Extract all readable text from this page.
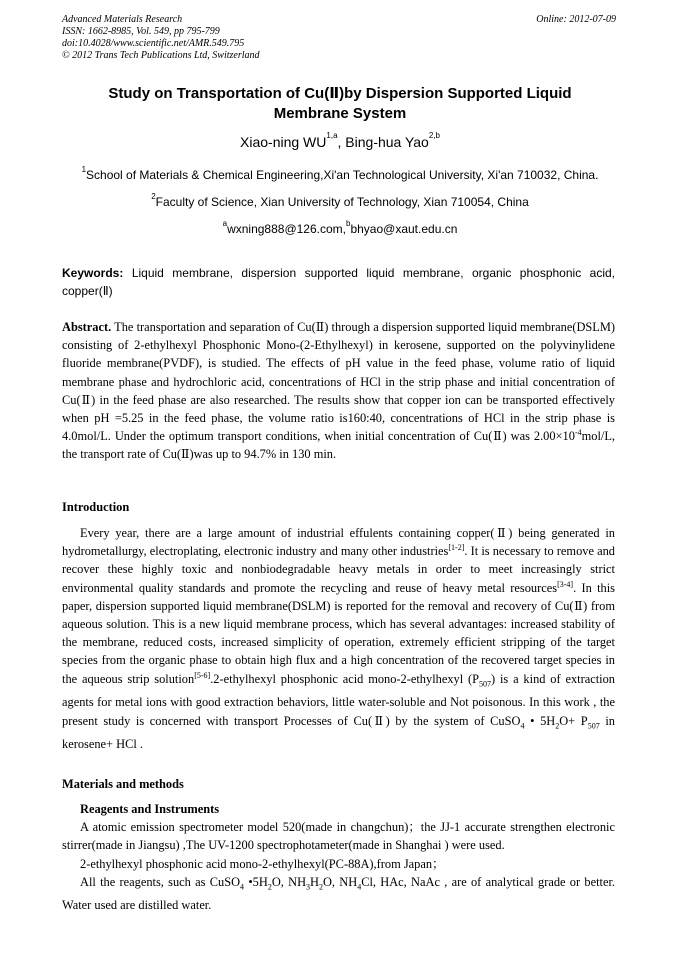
Advanced Materials Research
ISSN: 1662-8985, Vol. 549, pp 795-799
doi:10.4028/www.scientific.net/AMR.549.795
© 2012 Trans Tech Publications Ltd, Switzerland
Online: 2012-07-09
Study on Transportation of Cu(Ⅱ)by Dispersion Supported Liquid
Membrane System
Xiao-ning WU$^{1,a}$, Bing-hua Yao$^{2,b}$
$^1$School of Materials & Chemical Engineering,Xi'an Technological University, Xi'an 710032, China.
$^2$Faculty of Science, Xian University of Technology, Xian 710054, China
$^a$wxning888@126.com,$^b$bhyao@xaut.edu.cn
Keywords: Liquid membrane, dispersion supported liquid membrane, organic phosphonic acid, copper(Ⅱ)
Abstract. The transportation and separation of Cu(Ⅱ) through a dispersion supported liquid membrane(DSLM) consisting of 2-ethylhexyl Phosphonic Mono-(2-Ethylhexyl) in kerosene, supported on the polyvinylidene fluoride membrane(PVDF), is studied. The effects of pH value in the feed phase, volume ratio of liquid membrane phase and hydrochloric acid, concentrations of HCl in the strip phase and initial concentration of Cu(Ⅱ) in the feed phase are also researched. The results show that copper ion can be transported effectively when pH =5.25 in the feed phase, the volume ratio is160:40, concentrations of HCl in the strip phase is 4.0mol/L. Under the optimum transport conditions, when initial concentration of Cu(Ⅱ) was $2.00\times 10^{-4}mol/L$, the transport rate of Cu(Ⅱ)was up to 94.7% in 130 min.
Introduction
Every year, there are a large amount of industrial effulents containing copper(Ⅱ) being generated in hydrometallurgy, electroplating, electronic industry and many other industries[1-2]. It is necessary to remove and recover these highly toxic and nonbiodegradable heavy metals in order to meet increasingly strict environmental quality standards and promote the recycling and reuse of heavy metal resources[3-4]. In this paper, dispersion supported liquid membrane(DSLM) is reported for the removal and recovery of Cu(Ⅱ) from aqueous solution. This is a new liquid membrane process, which has several advantages: increased stability of the membrane, reduced costs, increased simplicity of operation, extremely efficient stripping of the target species from the organic phase to obtain high flux and a high concentration of the recovered target species in the aqueous strip solution[5-6].2-ethylhexyl phosphonic acid mono-2-ethylhexyl $(P_{507})$ is a kind of extraction agents for metal ions with good extraction behaviors, little water-soluble and Not poisonous. In this work , the present study is concerned with transport Processes of Cu(Ⅱ) by the system of CuSO$_4$ • $5H_2O+ P_{507}$ in kerosene+ HCl .
Materials and methods
Reagents and Instruments
A atomic emission spectrometer model 520(made in changchun)；the JJ-1 accurate strengthen electronic stirrer(made in Jiangsu) ,The UV-1200 spectrophotameter(made in Shanghai ) were used.
2-ethylhexyl phosphonic acid mono-2-ethylhexyl(PC-88A),from Japan；
All the reagents, such as CuSO$_4$ $•5H_2O$, $NH_3H_2O$, $NH_4Cl$, HAc, NaAc , are of analytical grade or better. Water used are distilled water.
